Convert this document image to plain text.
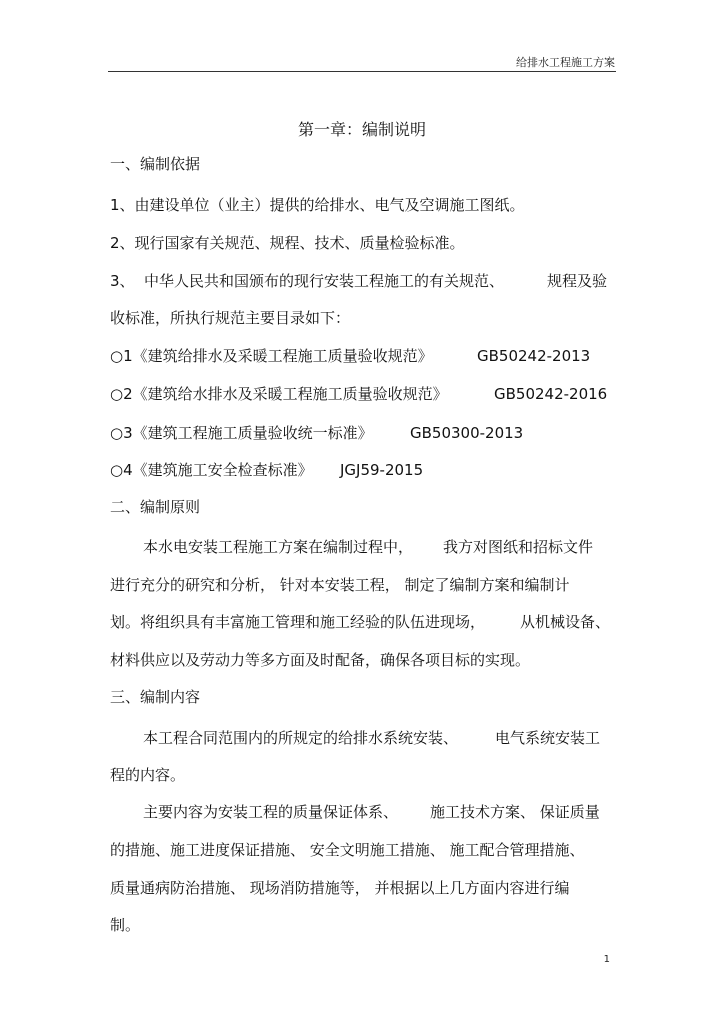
给排水工程施工方案
第一章：编制说明
一、编制依据
1、由建设单位（业主）提供的给排水、电气及空调施工图纸。
2、现行国家有关规范、规程、技术、质量检验标准。
3、 中华人民共和国颁布的现行安装工程施工的有关规范、	规程及验
收标准，所执行规范主要目录如下：
○1《建筑给排水及采暖工程施工质量验收规范》	GB50242-2013
○2《建筑给水排水及采暖工程施工质量验收规范》	GB50242-2016
○3《建筑工程施工质量验收统一标准》 GB50300-2013
○4《建筑施工安全检查标准》 JGJ59-2015
二、编制原则
本水电安装工程施工方案在编制过程中， 我方对图纸和招标文件
进行充分的研究和分析， 针对本安装工程， 制定了编制方案和编制计
划。将组织具有丰富施工管理和施工经验的队伍进现场， 从机械设备、
材料供应以及劳动力等多方面及时配备，确保各项目标的实现。
三、编制内容
本工程合同范围内的所规定的给排水系统安装、 电气系统安装工
程的内容。
主要内容为安装工程的质量保证体系、 施工技术方案、 保证质量
的措施、施工进度保证措施、 安全文明施工措施、 施工配合管理措施、
质量通病防治措施、 现场消防措施等， 并根据以上几方面内容进行编
制。
1
